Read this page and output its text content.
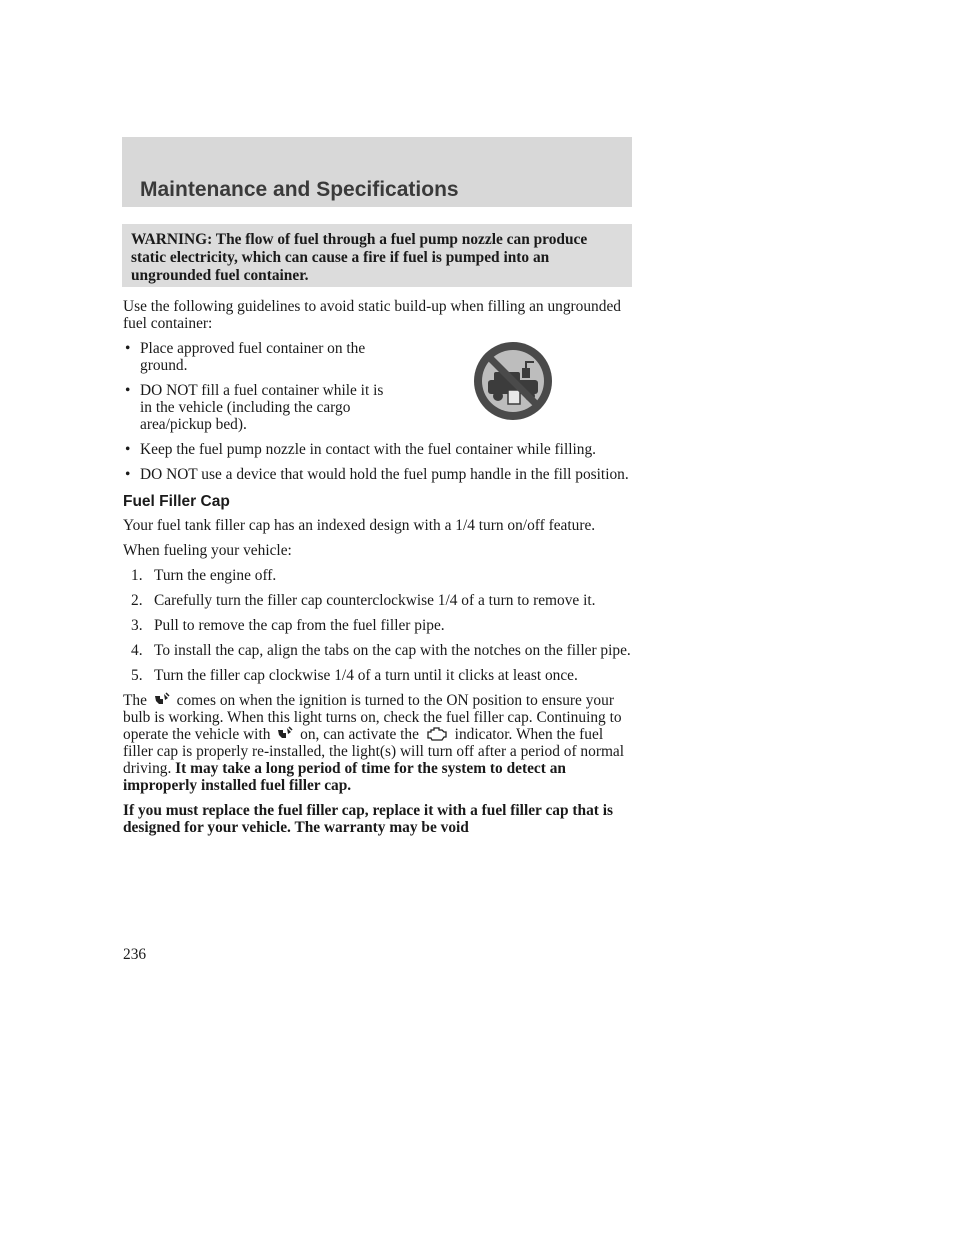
Maintenance and Specifications
WARNING: The flow of fuel through a fuel pump nozzle can produce static electricity, which can cause a fire if fuel is pumped into an ungrounded fuel container.

Use the following guidelines to avoid static build-up when filling an ungrounded fuel container:

• Place approved fuel container on the ground.
• DO NOT fill a fuel container while it is in the vehicle (including the cargo area/pickup bed).
• Keep the fuel pump nozzle in contact with the fuel container while filling.
• DO NOT use a device that would hold the fuel pump handle in the fill position.
Fuel Filler Cap

Your fuel tank filler cap has an indexed design with a 1/4 turn on/off feature.

When fueling your vehicle:

1. Turn the engine off.
2. Carefully turn the filler cap counterclockwise 1/4 of a turn to remove it.
3. Pull to remove the cap from the fuel filler pipe.
4. To install the cap, align the tabs on the cap with the notches on the filler pipe.
5. Turn the filler cap clockwise 1/4 of a turn until it clicks at least once.

The comes on when the ignition is turned to the ON position to ensure your bulb is working. When this light turns on, check the fuel filler cap. Continuing to operate the vehicle with on, can activate the indicator. When the fuel filler cap is properly re-installed, the light(s) will turn off after a period of normal driving. It may take a long period of time for the system to detect an improperly installed fuel filler cap.

If you must replace the fuel filler cap, replace it with a fuel filler cap that is designed for your vehicle. The warranty may be void

236
